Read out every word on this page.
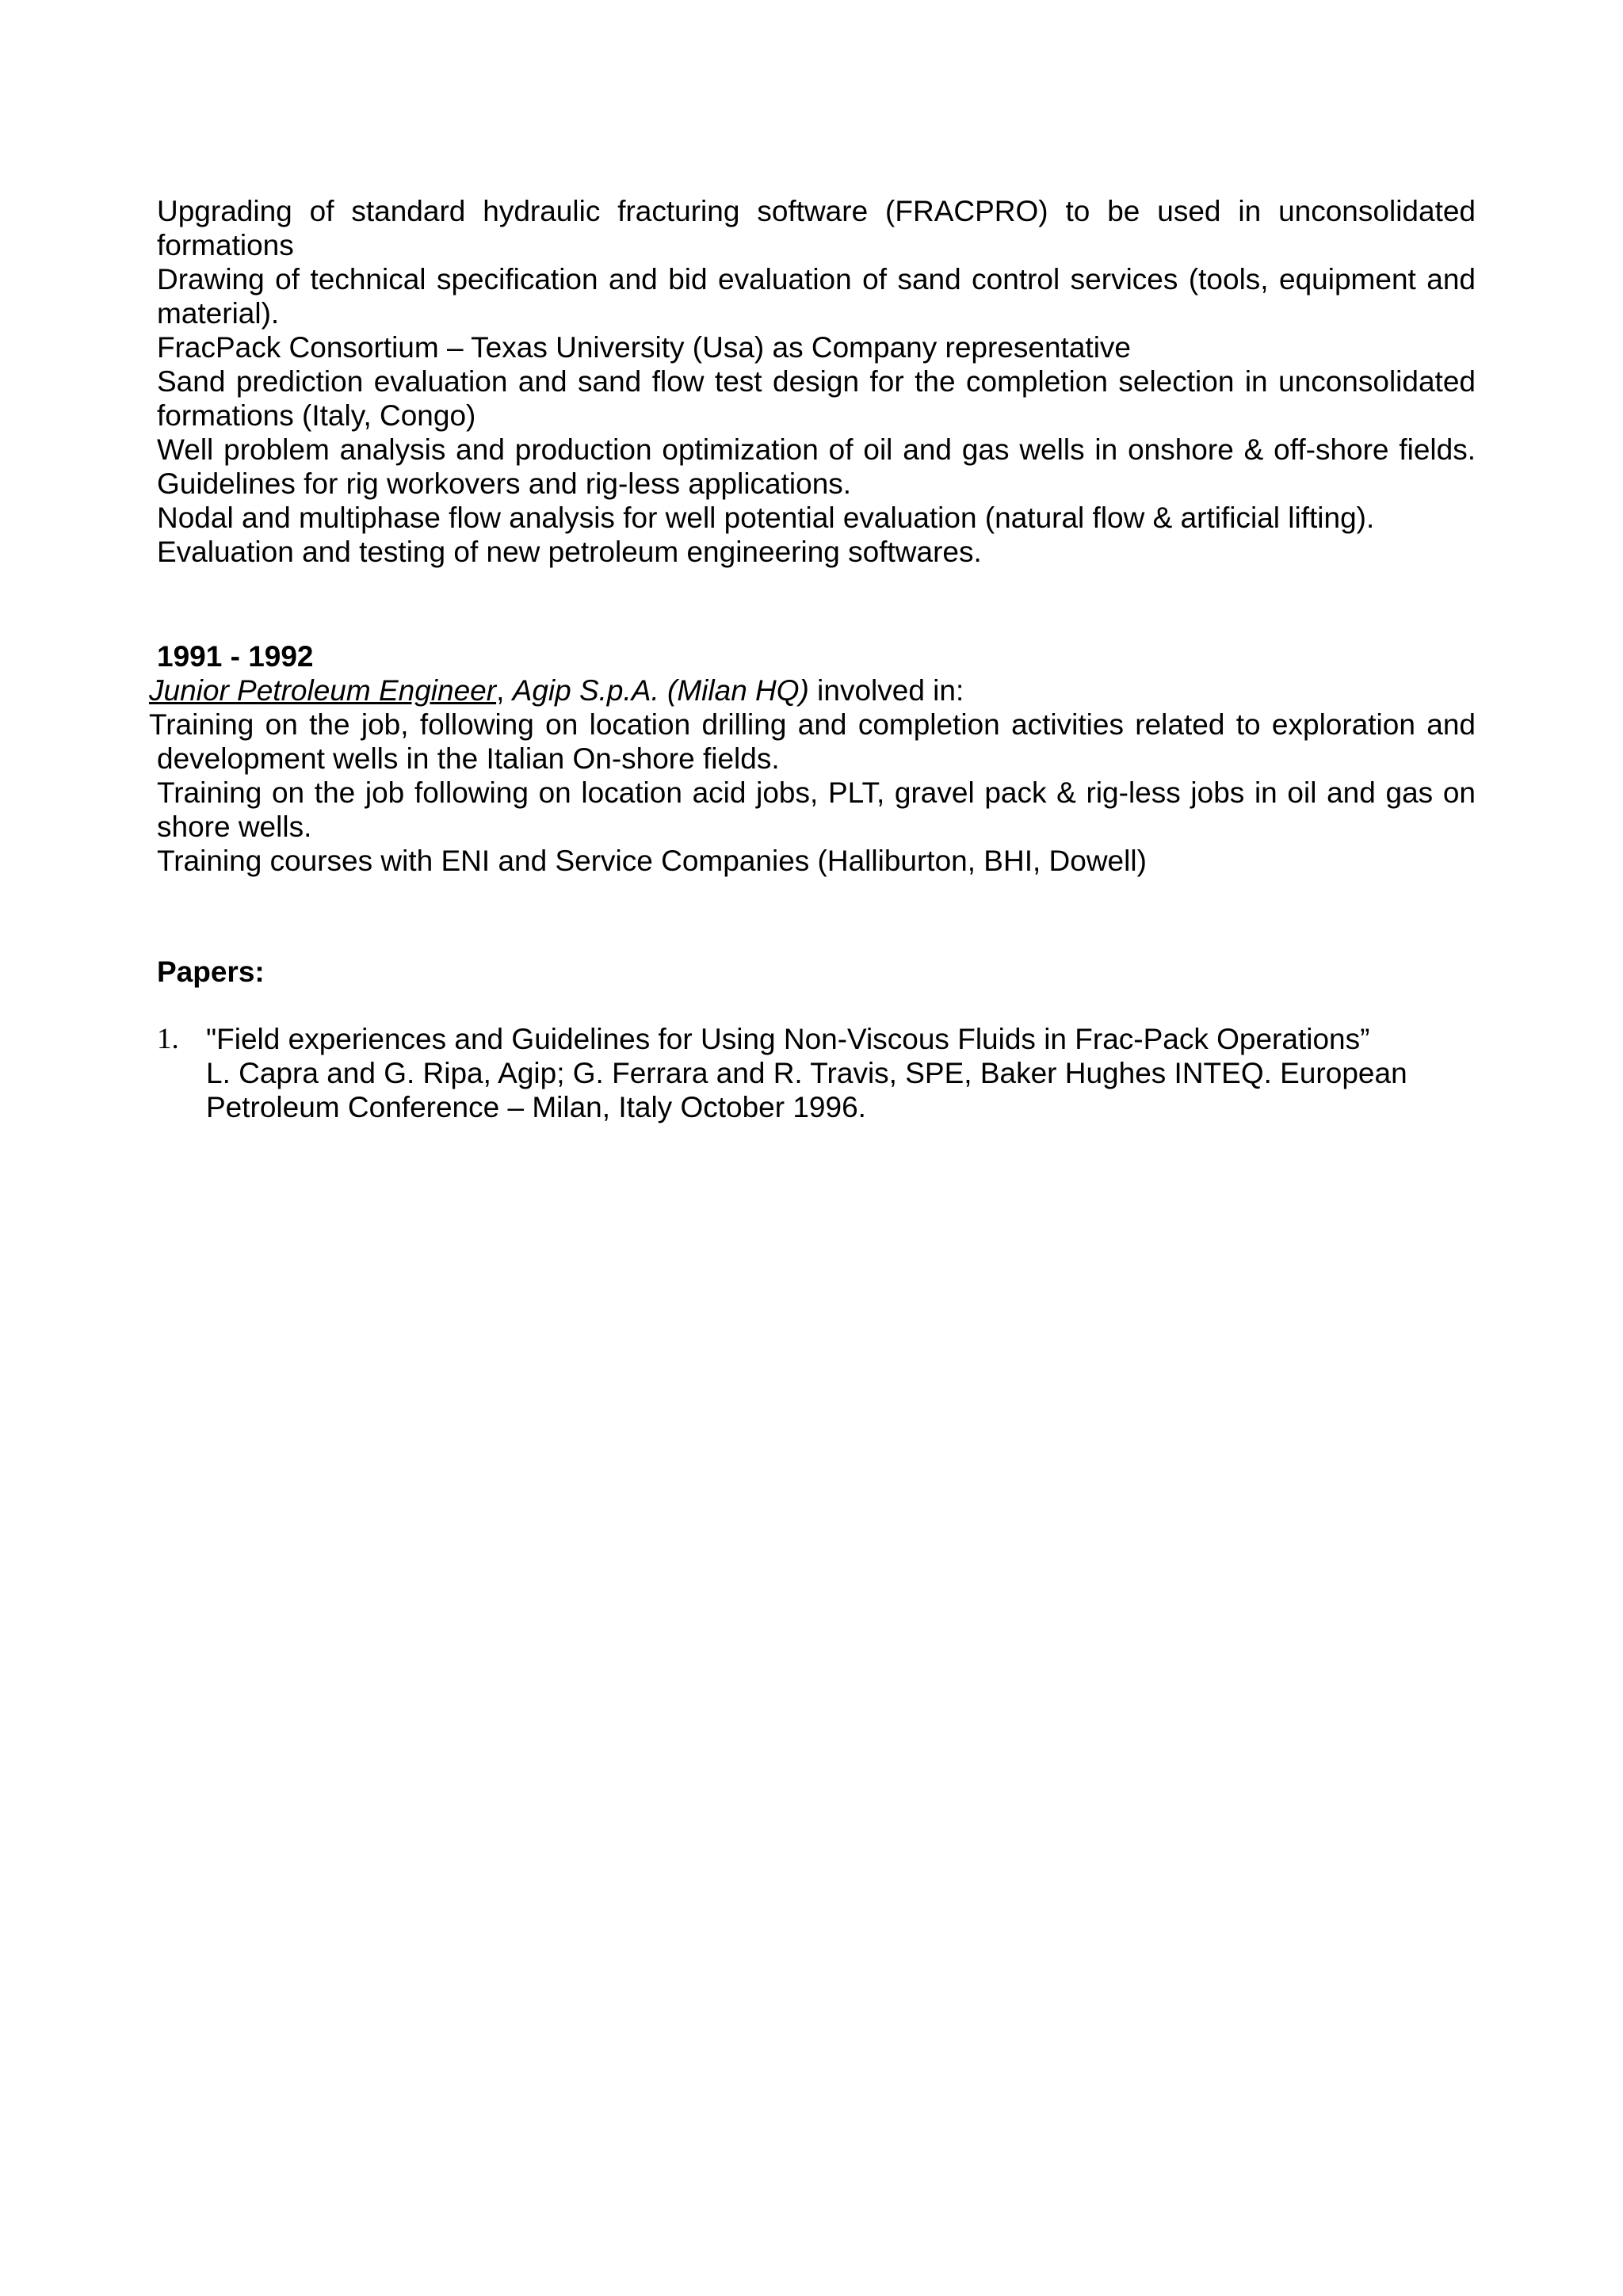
Upgrading of standard hydraulic fracturing software (FRACPRO) to be used in unconsolidated formations

Drawing of technical specification and bid evaluation of sand control services (tools, equipment and material).

FracPack Consortium – Texas University (Usa) as Company representative

Sand prediction evaluation and sand flow test design for the completion selection in unconsolidated formations (Italy, Congo)

Well problem analysis and production optimization of oil and gas wells in onshore & off-shore fields. Guidelines for rig workovers and rig-less applications.

Nodal and multiphase flow analysis for well potential evaluation (natural flow & artificial lifting).

Evaluation and testing of new petroleum engineering softwares.

1991 - 1992

Junior Petroleum Engineer, Agip S.p.A. (Milan HQ) involved in:

Training on the job, following on location drilling and completion activities related to exploration and development wells in the Italian On-shore fields.

Training on the job following on location acid jobs, PLT, gravel pack & rig-less jobs in oil and gas on shore wells.

Training courses with ENI and Service Companies (Halliburton, BHI, Dowell)

Papers:

1. "Field experiences and Guidelines for Using Non-Viscous Fluids in Frac-Pack Operations”
L. Capra and G. Ripa, Agip; G. Ferrara and R. Travis, SPE, Baker Hughes INTEQ. European Petroleum Conference – Milan, Italy October 1996.
